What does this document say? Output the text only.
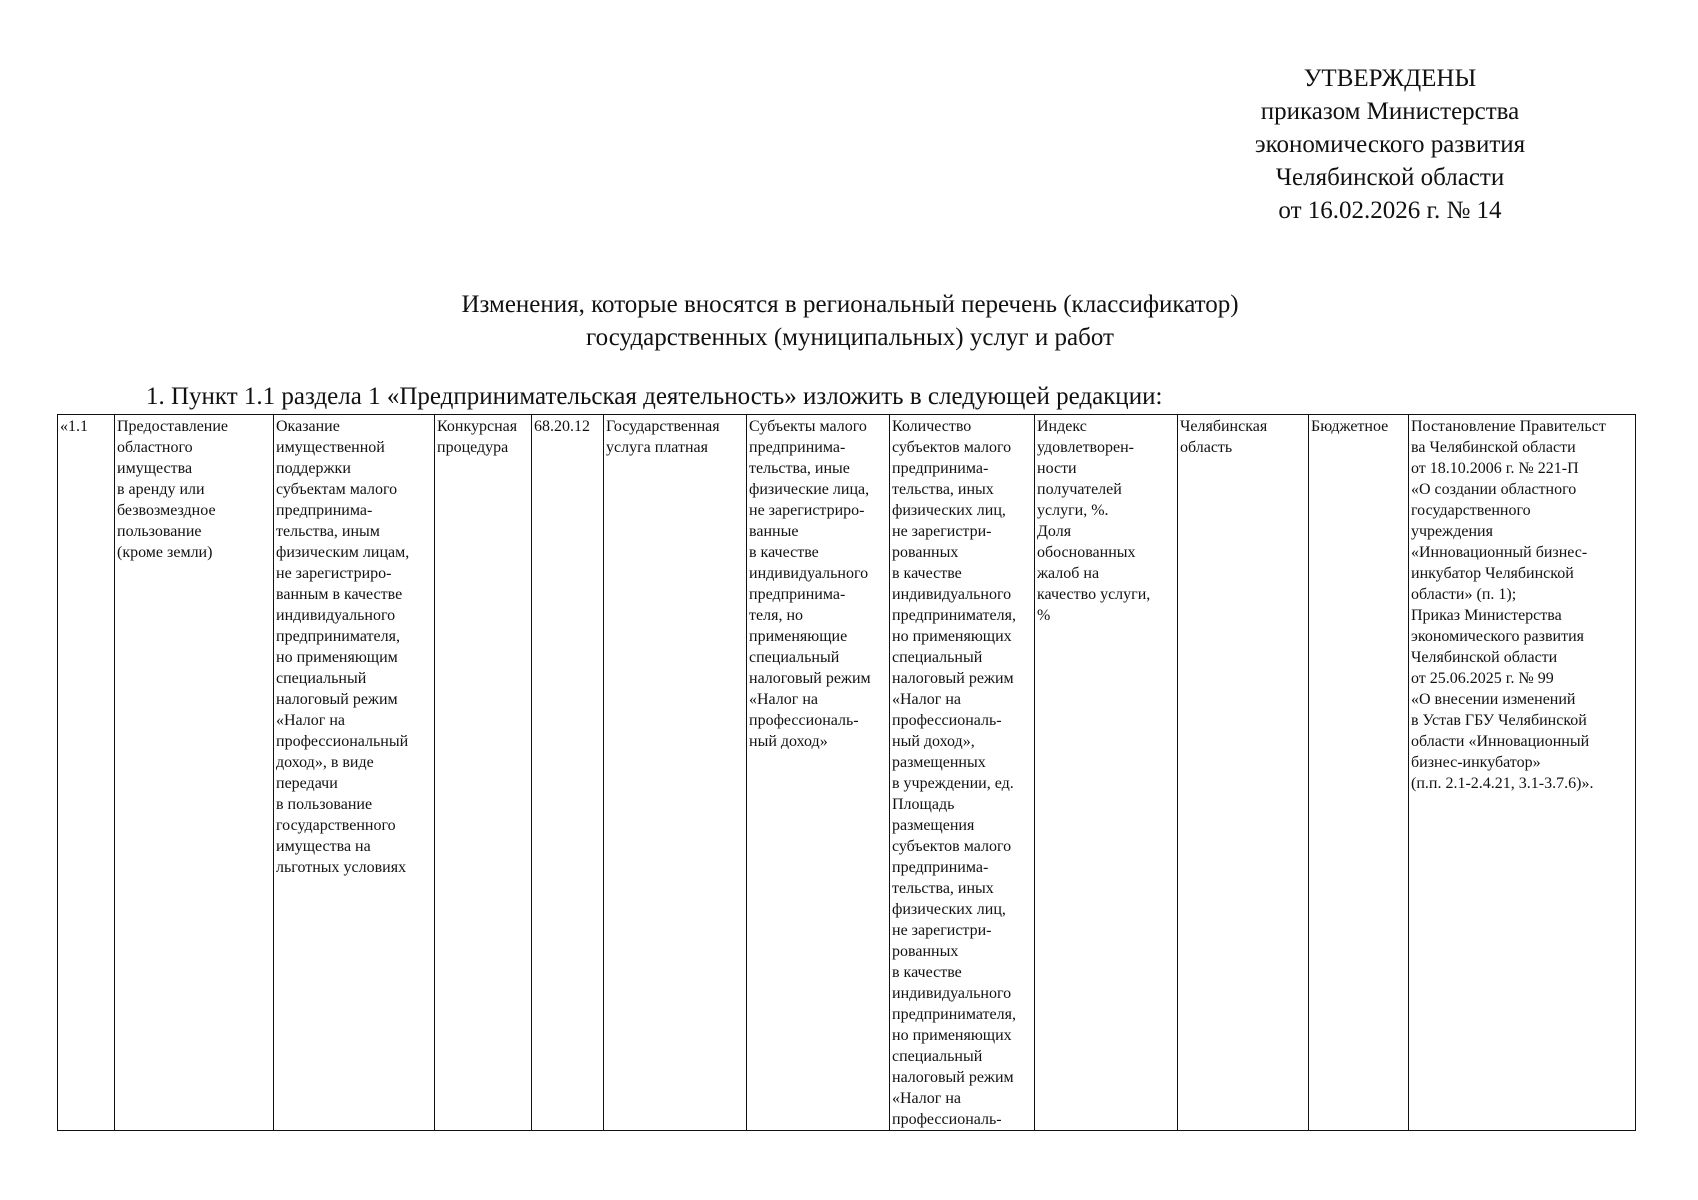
УТВЕРЖДЕНЫ
приказом Министерства
экономического развития
Челябинской области
от 16.02.2026 г. № 14
Изменения, которые вносятся в региональный перечень (классификатор)
государственных (муниципальных) услуг и работ
1. Пункт 1.1 раздела 1 «Предпринимательская деятельность» изложить в следующей редакции:
«1.1	Предоставление
областного
имущества
в аренду или
безвозмездное
пользование
(кроме земли)	Оказание
имущественной
поддержки
субъектам малого
предпринима-
тельства, иным
физическим лицам,
не зарегистриро-
ванным в качестве
индивидуального
предпринимателя,
но применяющим
специальный
налоговый режим
«Налог на
профессиональный
доход», в виде
передачи
в пользование
государственного
имущества на
льготных условиях	Конкурсная
процедура	68.20.12	Государственная
услуга платная	Субъекты малого
предпринима-
тельства, иные
физические лица,
не зарегистриро-
ванные
в качестве
индивидуального
предпринима-
теля, но
применяющие
специальный
налоговый режим
«Налог на
профессиональ-
ный доход»	Количество
субъектов малого
предпринима-
тельства, иных
физических лиц,
не зарегистри-
рованных
в качестве
индивидуального
предпринимателя,
но применяющих
специальный
налоговый режим
«Налог на
профессиональ-
ный доход»,
размещенных
в учреждении, ед.
Площадь
размещения
субъектов малого
предпринима-
тельства, иных
физических лиц,
не зарегистри-
рованных
в качестве
индивидуального
предпринимателя,
но применяющих
специальный
налоговый режим
«Налог на
профессиональ-	Индекс
удовлетворен-
ности
получателей
услуги, %.
Доля
обоснованных
жалоб на
качество услуги,
%	Челябинская
область	Бюджетное	Постановление Правительст
ва Челябинской области
от 18.10.2006 г. № 221-П
«О создании областного
государственного
учреждения
«Инновационный бизнес-
инкубатор Челябинской
области» (п. 1);
Приказ Министерства
экономического развития
Челябинской области
от 25.06.2025 г. № 99
«О внесении изменений
в Устав ГБУ Челябинской
области «Инновационный
бизнес-инкубатор»
(п.п. 2.1-2.4.21, 3.1-3.7.6)».
